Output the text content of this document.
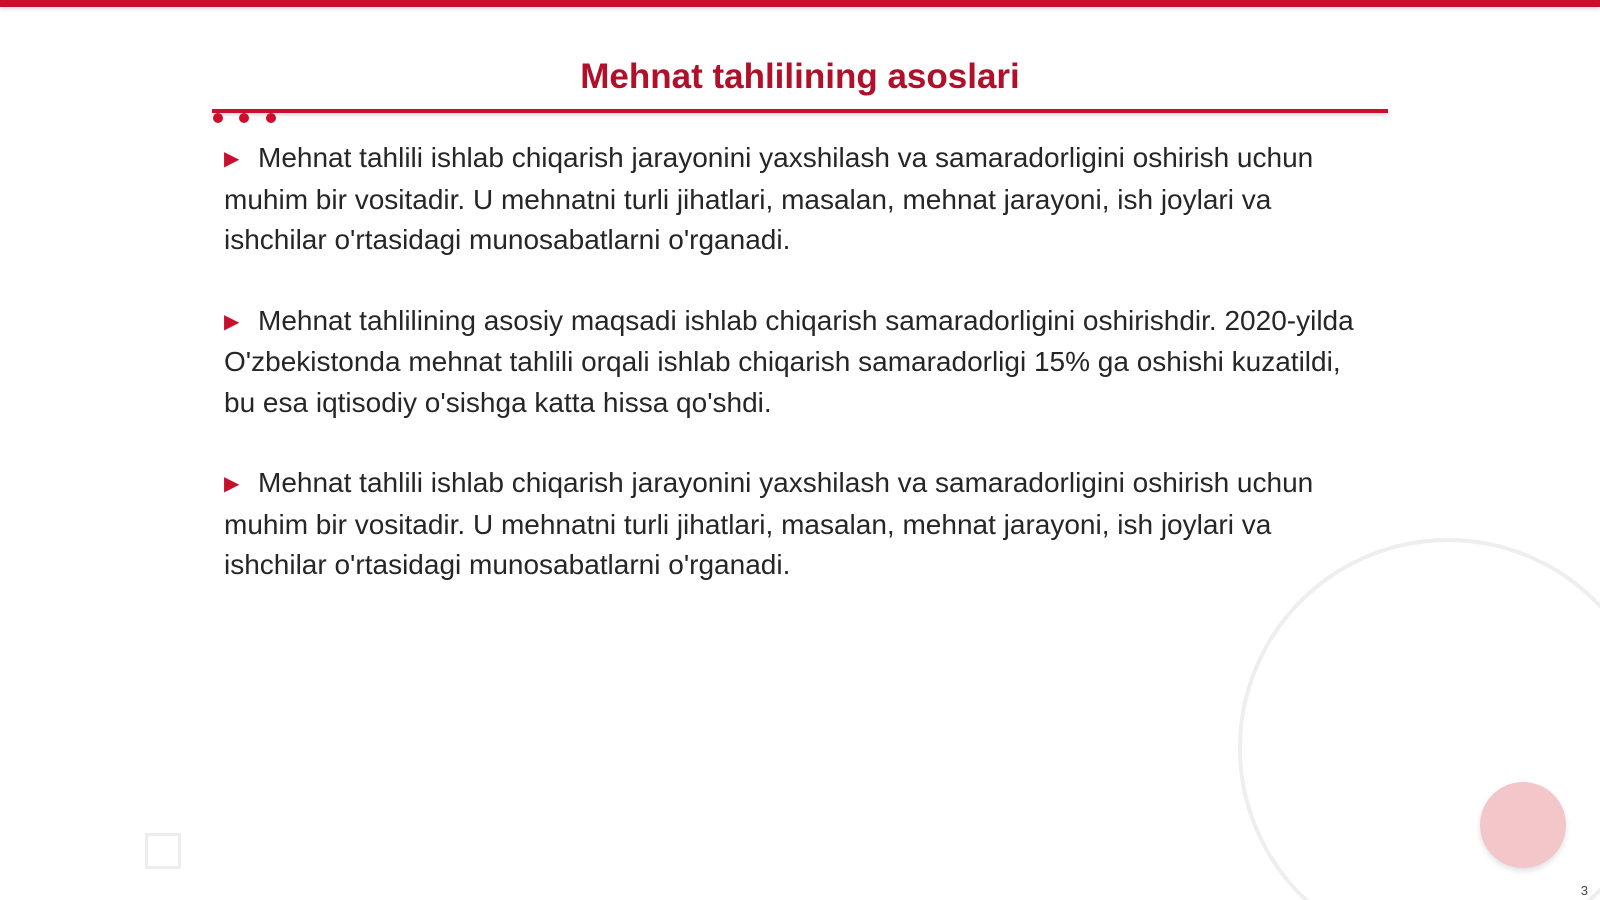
Mehnat tahlilining asoslari

▶ Mehnat tahlili ishlab chiqarish jarayonini yaxshilash va samaradorligini oshirish uchun muhim bir vositadir. U mehnatni turli jihatlari, masalan, mehnat jarayoni, ish joylari va ishchilar o'rtasidagi munosabatlarni o'rganadi.

▶ Mehnat tahlilining asosiy maqsadi ishlab chiqarish samaradorligini oshirishdir. 2020-yilda O'zbekistonda mehnat tahlili orqali ishlab chiqarish samaradorligi 15% ga oshishi kuzatildi, bu esa iqtisodiy o'sishga katta hissa qo'shdi.

▶ Mehnat tahlili ishlab chiqarish jarayonini yaxshilash va samaradorligini oshirish uchun muhim bir vositadir. U mehnatni turli jihatlari, masalan, mehnat jarayoni, ish joylari va ishchilar o'rtasidagi munosabatlarni o'rganadi.

3
